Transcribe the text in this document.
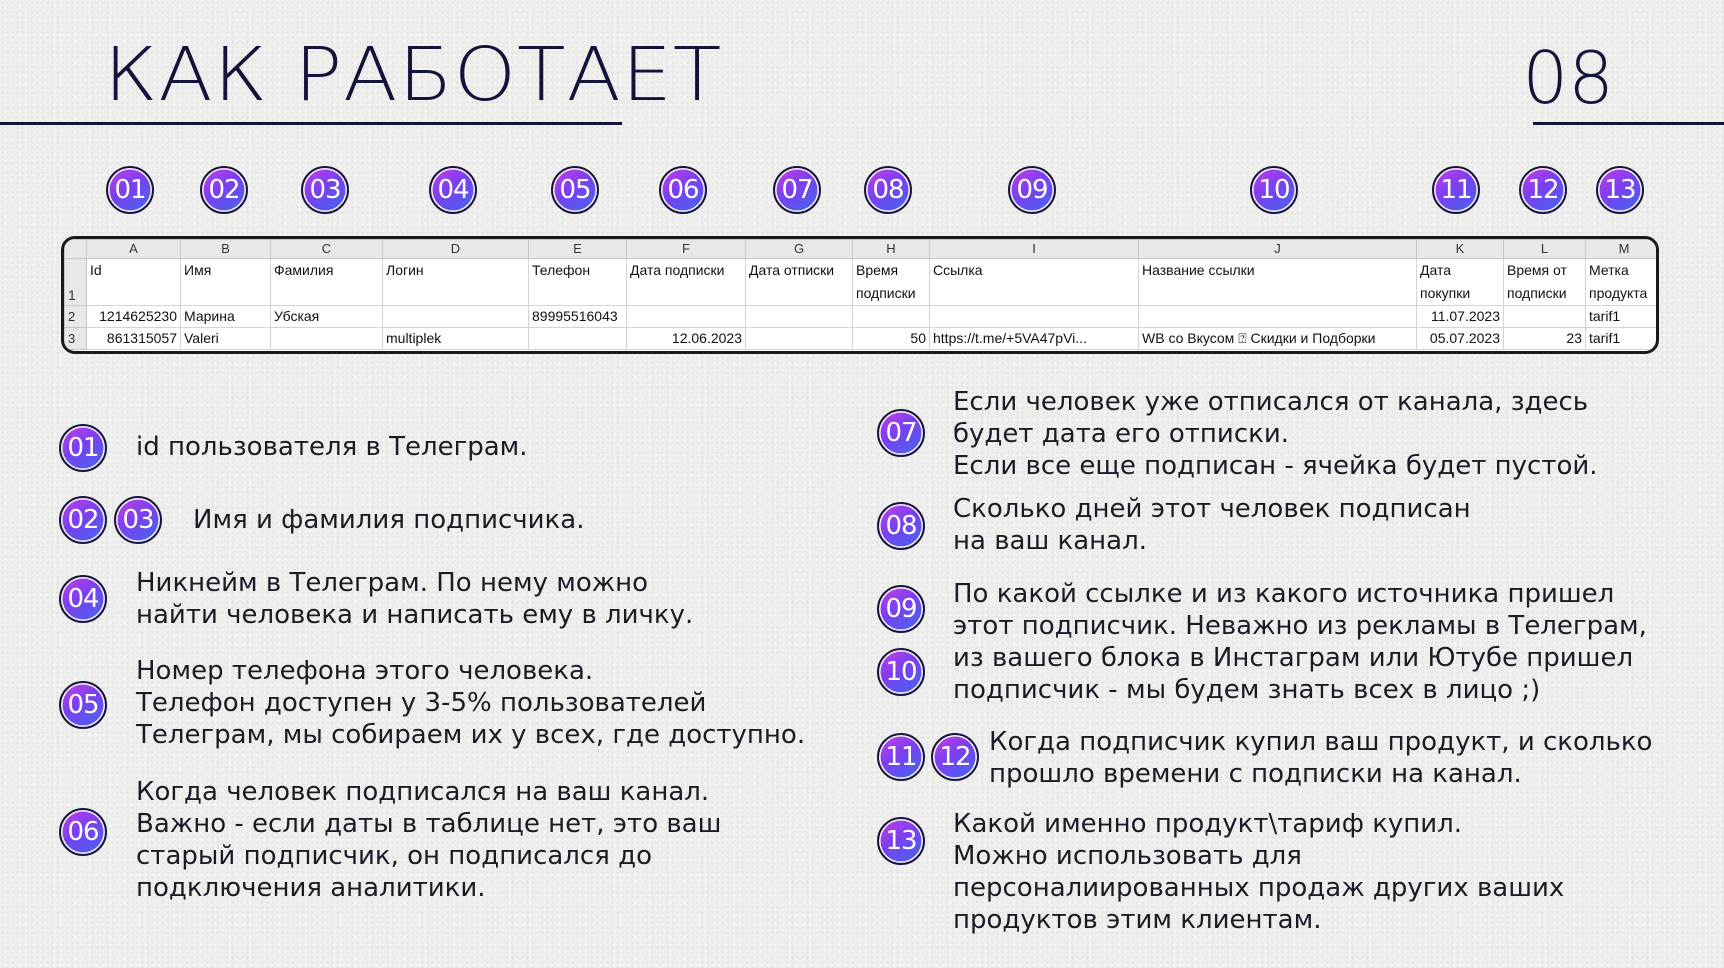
КАК РАБОТАЕТ	08
01	02	03	04	05	06	07	08	09	10	11	12	13
	A	B	C	D	E	F	G	H	I	J	K	L	M
1	Id	Имя	Фамилия	Логин	Телефон	Дата подписки	Дата отписки	Время подписки	Ссылка	Название ссылки	Дата покупки	Время от подписки	Метка продукта
2	1214625230	Марина	Убская		89995516043						11.07.2023		tarif1
3	861315057	Valeri		multiplek		12.06.2023		50	https://t.me/+5VA47pVi...	WB со Вкусом ⍰ Скидки и Подборки	05.07.2023	23	tarif1
01	id пользователя в Телеграм.
02 03	Имя и фамилия подписчика.
04
Никнейм в Телеграм. По нему можно
найти человека и написать ему в личку.
05
Номер телефона этого человека.
Телефон доступен у 3-5% пользователей
Телеграм, мы собираем их у всех, где доступно.
06
Когда человек подписался на ваш канал.
Важно - если даты в таблице нет, это ваш
старый подписчик, он подписался до
подключения аналитики.
07
Если человек уже отписался от канала, здесь
будет дата его отписки.
Если все еще подписан - ячейка будет пустой.
08
Сколько дней этот человек подписан
на ваш канал.
09
10
По какой ссылке и из какого источника пришел
этот подписчик. Неважно из рекламы в Телеграм,
из вашего блока в Инстаграм или Ютубе пришел
подписчик - мы будем знать всех в лицо ;)
11 12 Когда подписчик купил ваш продукт, и сколько
прошло времени с подписки на канал.
13
Какой именно продукт\тариф купил.
Можно использовать для
персоналиированных продаж других ваших
продуктов этим клиентам.
